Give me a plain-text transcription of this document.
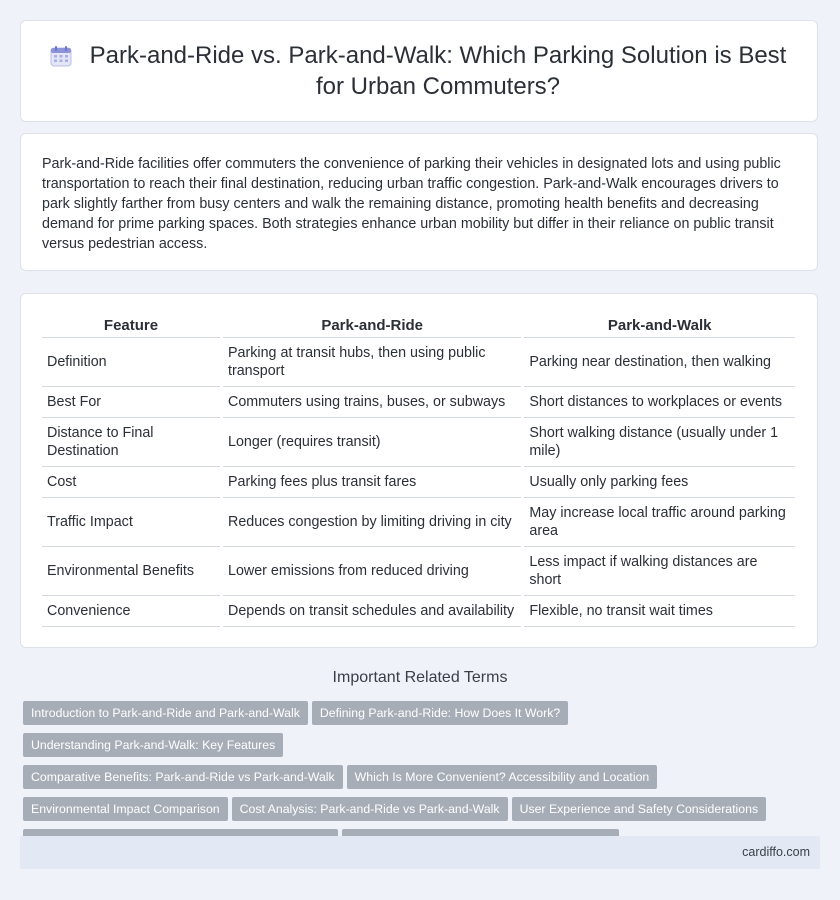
Park-and-Ride vs. Park-and-Walk: Which Parking Solution is Best for Urban Commuters?

Park-and-Ride facilities offer commuters the convenience of parking their vehicles in designated lots and using public transportation to reach their final destination, reducing urban traffic congestion. Park-and-Walk encourages drivers to park slightly farther from busy centers and walk the remaining distance, promoting health benefits and decreasing demand for prime parking spaces. Both strategies enhance urban mobility but differ in their reliance on public transit versus pedestrian access.

Feature	Park-and-Ride	Park-and-Walk
Definition	Parking at transit hubs, then using public transport	Parking near destination, then walking
Best For	Commuters using trains, buses, or subways	Short distances to workplaces or events
Distance to Final Destination	Longer (requires transit)	Short walking distance (usually under 1 mile)
Cost	Parking fees plus transit fares	Usually only parking fees
Traffic Impact	Reduces congestion by limiting driving in city	May increase local traffic around parking area
Environmental Benefits	Lower emissions from reduced driving	Less impact if walking distances are short
Convenience	Depends on transit schedules and availability	Flexible, no transit wait times
Important Related Terms
Introduction to Park-and-Ride and Park-and-Walk Defining Park-and-Ride: How Does It Work?Understanding Park-and-Walk: Key Features
Comparative Benefits: Park-and-Ride vs Park-and-Walk Which Is More Convenient? Accessibility and Location
Environmental Impact Comparison Cost Analysis: Park-and-Ride vs Park-and-Walk User Experience and Safety Considerations

cardiffo.com
